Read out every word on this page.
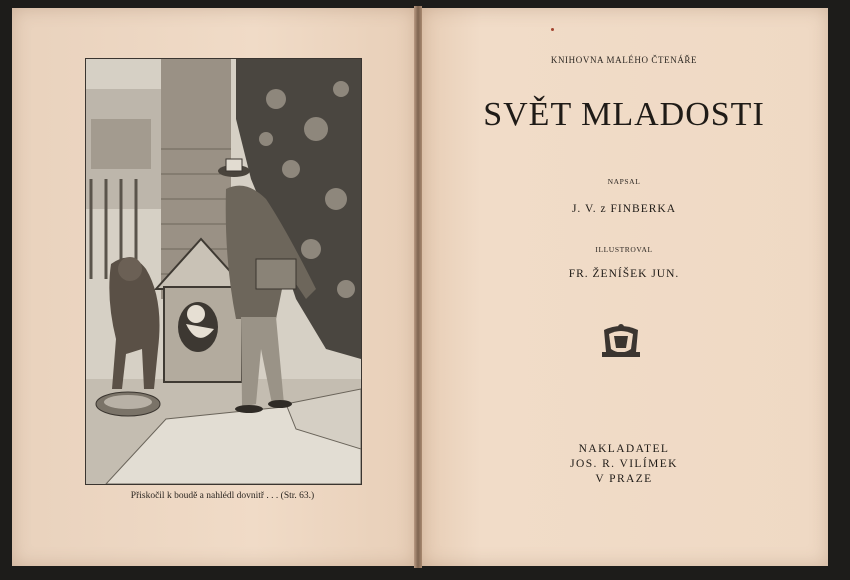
Přiskočil k boudě a nahlédl dovnitř . . . (Str. 63.)
KNIHOVNA MALÉHO ČTENÁŘE
SVĚT MLADOSTI
NAPSAL
J. V. z FINBERKA
ILLUSTROVAL
FR. ŽENÍŠEK JUN.
NAKLADATEL
JOS. R. VILÍMEK
V PRAZE
